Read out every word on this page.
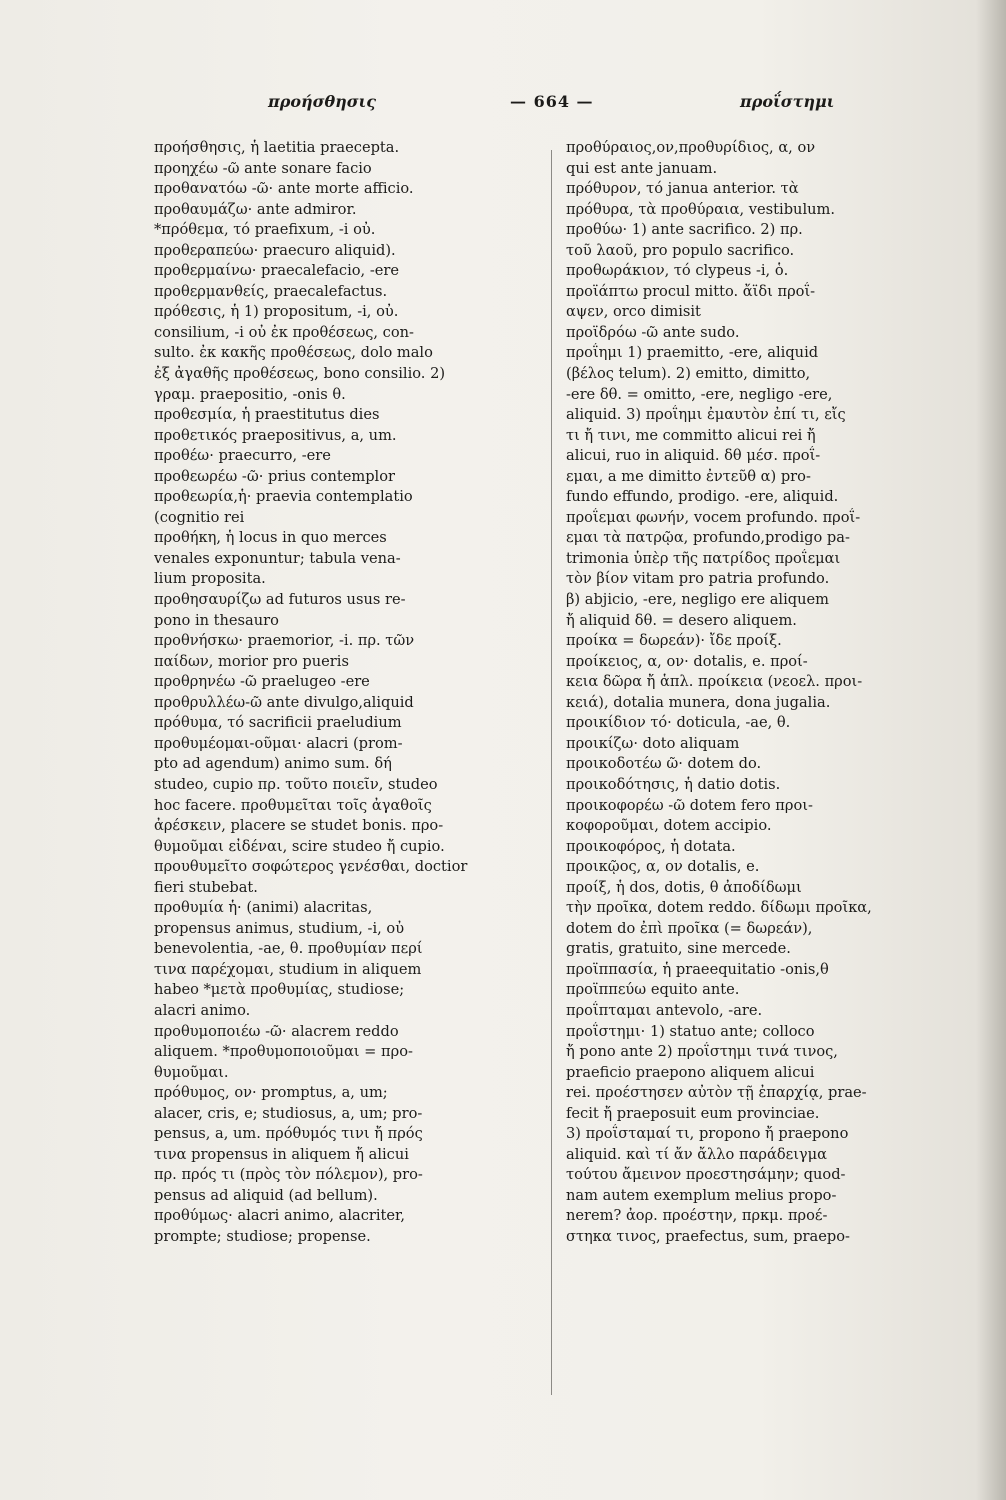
προήσθησις	— 664 —	προΐστημι
προήσθησις, ἡ laetitia praecepta.
προηχέω -ῶ ante sonare facio
προθανατόω -ῶ· ante morte afficio.
προθαυμάζω· ante admiror.
*πρόθεμα, τό praefixum, -i οὐ.
προθεραπεύω· praecuro aliquid).
προθερμαίνω· praecalefacio, -ere
προθερμανθείς, praecalefactus.
πρόθεσις, ἡ 1) propositum, -i, οὐ.
consilium, -i οὐ ἐκ προθέσεως, con-
sulto. ἐκ κακῆς προθέσεως, dolo malo
ἐξ ἀγαθῆς προθέσεως, bono consilio. 2)
γραμ. praepositio, -onis θ.
προθεσμία, ἡ praestitutus dies
προθετικός praepositivus, a, um.
προθέω· praecurro, -ere
προθεωρέω -ῶ· prius contemplor
προθεωρία,ἡ· praevia contemplatio
(cognitio rei
προθήκη, ἡ locus in quo merces
venales exponuntur; tabula vena-
lium proposita.
προθησαυρίζω ad futuros usus re-
pono in thesauro
προθνήσκω· praemorior, -i. πρ. τῶν
παίδων, morior pro pueris
προθρηνέω -ῶ praelugeo -ere
προθρυλλέω-ῶ ante divulgo,aliquid
πρόθυμα, τό sacrificii praeludium
προθυμέομαι-οῦμαι· alacri (prom-
pto ad agendum) animo sum. δή
studeo, cupio πρ. τοῦτο ποιεῖν, studeo
hoc facere. προθυμεῖται τοῖς ἀγαθοῖς
ἀρέσκειν, placere se studet bonis. προ-
θυμοῦμαι εἰδέναι, scire studeo ἤ cupio.
προυθυμεῖτο σοφώτερος γενέσθαι, doctior
fieri stubebat.
προθυμία ἡ· (animi) alacritas,
propensus animus, studium, -i, οὐ
benevolentia, -ae, θ. προθυμίαν περί
τινα παρέχομαι, studium in aliquem
habeo *μετὰ προθυμίας, studiose;
alacri animo.
προθυμοποιέω -ῶ· alacrem reddo
aliquem. *προθυμοποιοῦμαι = προ-
θυμοῦμαι.
πρόθυμος, ον· promptus, a, um;
alacer, cris, e; studiosus, a, um; pro-
pensus, a, um. πρόθυμός τινι ἤ πρός
τινα propensus in aliquem ἤ alicui
πρ. πρός τι (πρὸς τὸν πόλεμον), pro-
pensus ad aliquid (ad bellum).
προθύμως· alacri animo, alacriter,
prompte; studiose; propense.
προθύραιος,ον,προθυρίδιος, α, ον
qui est ante januam.
πρόθυρον, τό janua anterior. τὰ
πρόθυρα, τὰ προθύραια, vestibulum.
προθύω· 1) ante sacrifico. 2) πρ.
τοῦ λαοῦ, pro populo sacrifico.
προθωράκιον, τό clypeus -i, ὁ.
προϊάπτω procul mitto. ἄϊδι προΐ-
αψεν, orco dimisit
προϊδρόω -ῶ ante sudo.
προΐημι 1) praemitto, -ere, aliquid
(βέλος telum). 2) emitto, dimitto,
-ere δθ. = omitto, -ere, negligo -ere,
aliquid. 3) προΐημι ἐμαυτὸν ἐπί τι, εἴς
τι ἤ τινι, me committo alicui rei ἤ
alicui, ruo in aliquid. δθ μέσ. προΐ-
εμαι, a me dimitto ἐντεῦθ α) pro-
fundo effundo, prodigo. -ere, aliquid.
προΐεμαι φωνήν, vocem profundo. προΐ-
εμαι τὰ πατρῷα, profundo,prodigo pa-
trimonia ὑπὲρ τῆς πατρίδος προΐεμαι
τὸν βίον vitam pro patria profundo.
β) abjicio, -ere, negligo ere aliquem
ἤ aliquid δθ. = desero aliquem.
προίκα = δωρεάν)· ἴδε προίξ.
προίκειος, α, ον· dotalis, e. προί-
κεια δῶρα ἤ ἁπλ. προίκεια (νεοελ. προι-
κειά), dotalia munera, dona jugalia.
προικίδιον τό· doticula, -ae, θ.
προικίζω· doto aliquam
προικοδοτέω ῶ· dotem do.
προικοδότησις, ἡ datio dotis.
προικοφορέω -ῶ dotem fero προι-
κοφοροῦμαι, dotem accipio.
προικοφόρος, ἡ dotata.
προικῷος, α, ον dotalis, e.
προίξ, ἡ dos, dotis, θ ἀποδίδωμι
τὴν προῖκα, dotem reddo. δίδωμι προῖκα,
dotem do ἐπὶ προῖκα (= δωρεάν),
gratis, gratuito, sine mercede.
προϊππασία, ἡ praeequitatio -onis,θ
προϊππεύω equito ante.
προΐπταμαι antevolo, -are.
προΐστημι· 1) statuo ante; colloco
ἤ pono ante 2) προΐστημι τινά τινος,
praeficio praepono aliquem alicui
rei. προέστησεν αὐτὸν τῇ ἐπαρχίᾳ, prae-
fecit ἤ praeposuit eum provinciae.
3) προΐσταμαί τι, propono ἤ praepono
aliquid. καὶ τί ἄν ἄλλο παράδειγμα
τούτου ἄμεινον προεστησάμην; quod-
nam autem exemplum melius propo-
nerem? ἀορ. προέστην, πρκμ. προέ-
στηκα τινος, praefectus, sum, praepo-
